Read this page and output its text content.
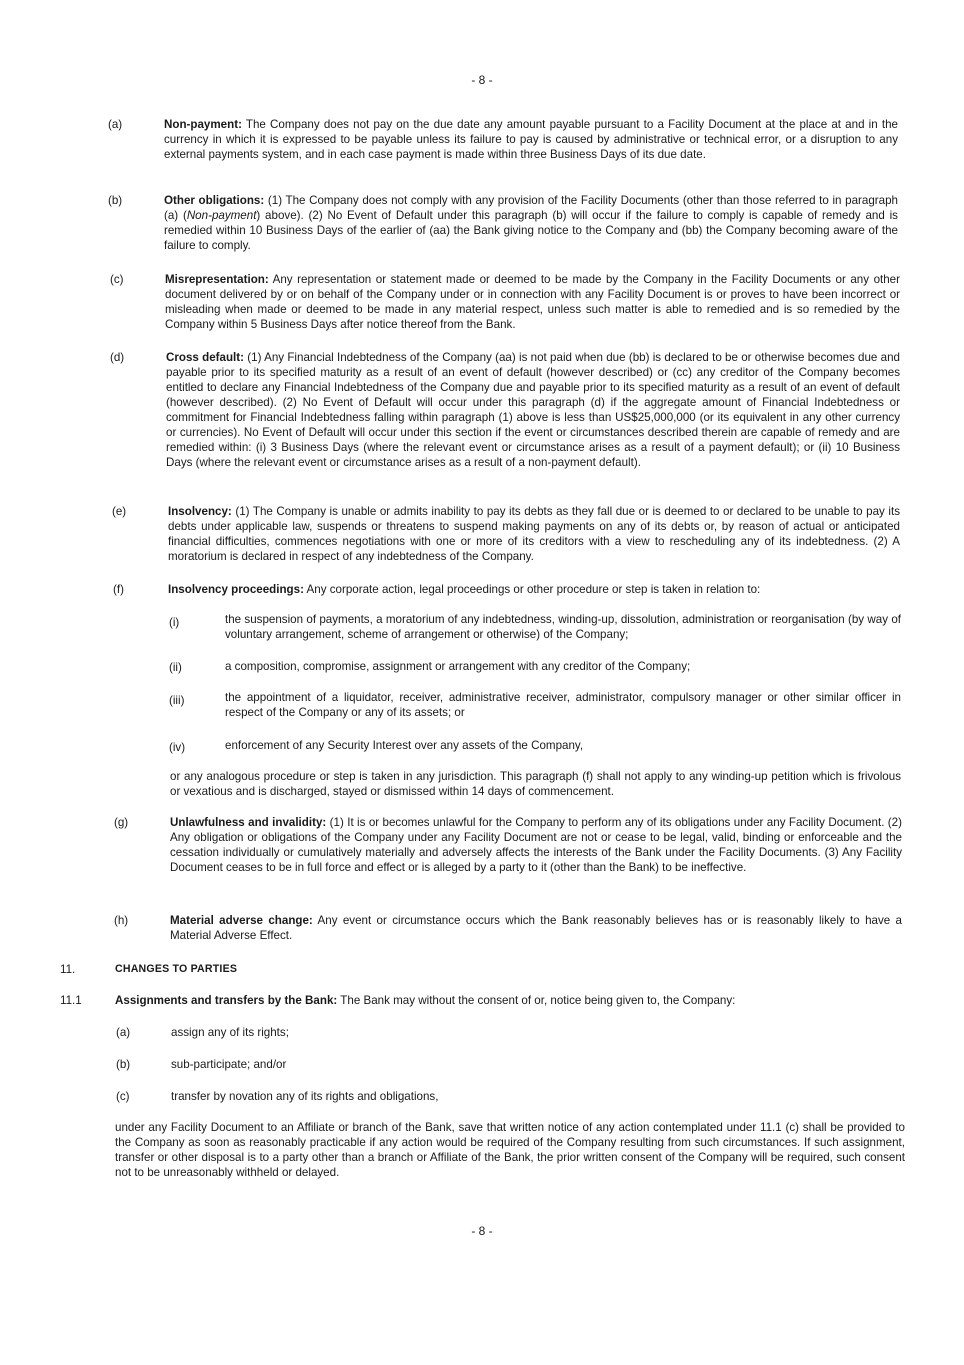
- 8 -
(a)	Non-payment: The Company does not pay on the due date any amount payable pursuant to a Facility Document at the place at and in the currency in which it is expressed to be payable unless its failure to pay is caused by administrative or technical error, or a disruption to any external payments system, and in each case payment is made within three Business Days of its due date.
(b)	Other obligations: (1) The Company does not comply with any provision of the Facility Documents (other than those referred to in paragraph (a) (Non-payment) above). (2) No Event of Default under this paragraph (b) will occur if the failure to comply is capable of remedy and is remedied within 10 Business Days of the earlier of (aa) the Bank giving notice to the Company and (bb) the Company becoming aware of the failure to comply.
(c)	Misrepresentation: Any representation or statement made or deemed to be made by the Company in the Facility Documents or any other document delivered by or on behalf of the Company under or in connection with any Facility Document is or proves to have been incorrect or misleading when made or deemed to be made in any material respect, unless such matter is able to remedied and is so remedied by the Company within 5 Business Days after notice thereof from the Bank.
(d)	Cross default: (1) Any Financial Indebtedness of the Company (aa) is not paid when due (bb) is declared to be or otherwise becomes due and payable prior to its specified maturity as a result of an event of default (however described) or (cc) any creditor of the Company becomes entitled to declare any Financial Indebtedness of the Company due and payable prior to its specified maturity as a result of an event of default (however described). (2) No Event of Default will occur under this paragraph (d) if the aggregate amount of Financial Indebtedness or commitment for Financial Indebtedness falling within paragraph (1) above is less than US$25,000,000 (or its equivalent in any other currency or currencies). No Event of Default will occur under this section if the event or circumstances described therein are capable of remedy and are remedied within: (i) 3 Business Days (where the relevant event or circumstance arises as a result of a payment default); or (ii) 10 Business Days (where the relevant event or circumstance arises as a result of a non-payment default).
(e)	Insolvency: (1) The Company is unable or admits inability to pay its debts as they fall due or is deemed to or declared to be unable to pay its debts under applicable law, suspends or threatens to suspend making payments on any of its debts or, by reason of actual or anticipated financial difficulties, commences negotiations with one or more of its creditors with a view to rescheduling any of its indebtedness. (2) A moratorium is declared in respect of any indebtedness of the Company.
(f)	Insolvency proceedings: Any corporate action, legal proceedings or other procedure or step is taken in relation to:
(i)	the suspension of payments, a moratorium of any indebtedness, winding-up, dissolution, administration or reorganisation (by way of voluntary arrangement, scheme of arrangement or otherwise) of the Company;
(ii)	a composition, compromise, assignment or arrangement with any creditor of the Company;
(iii)	the appointment of a liquidator, receiver, administrative receiver, administrator, compulsory manager or other similar officer in respect of the Company or any of its assets; or
(iv)	enforcement of any Security Interest over any assets of the Company,
or any analogous procedure or step is taken in any jurisdiction. This paragraph (f) shall not apply to any winding-up petition which is frivolous or vexatious and is discharged, stayed or dismissed within 14 days of commencement.
(g)	Unlawfulness and invalidity: (1) It is or becomes unlawful for the Company to perform any of its obligations under any Facility Document. (2) Any obligation or obligations of the Company under any Facility Document are not or cease to be legal, valid, binding or enforceable and the cessation individually or cumulatively materially and adversely affects the interests of the Bank under the Facility Documents. (3) Any Facility Document ceases to be in full force and effect or is alleged by a party to it (other than the Bank) to be ineffective.
(h)	Material adverse change: Any event or circumstance occurs which the Bank reasonably believes has or is reasonably likely to have a Material Adverse Effect.
11.	CHANGES TO PARTIES
11.1	Assignments and transfers by the Bank: The Bank may without the consent of or, notice being given to, the Company:
(a)	assign any of its rights;
(b)	sub-participate; and/or
(c)	transfer by novation any of its rights and obligations,
under any Facility Document to an Affiliate or branch of the Bank, save that written notice of any action contemplated under 11.1 (c) shall be provided to the Company as soon as reasonably practicable if any action would be required of the Company resulting from such circumstances. If such assignment, transfer or other disposal is to a party other than a branch or Affiliate of the Bank, the prior written consent of the Company will be required, such consent not to be unreasonably withheld or delayed.
- 8 -
